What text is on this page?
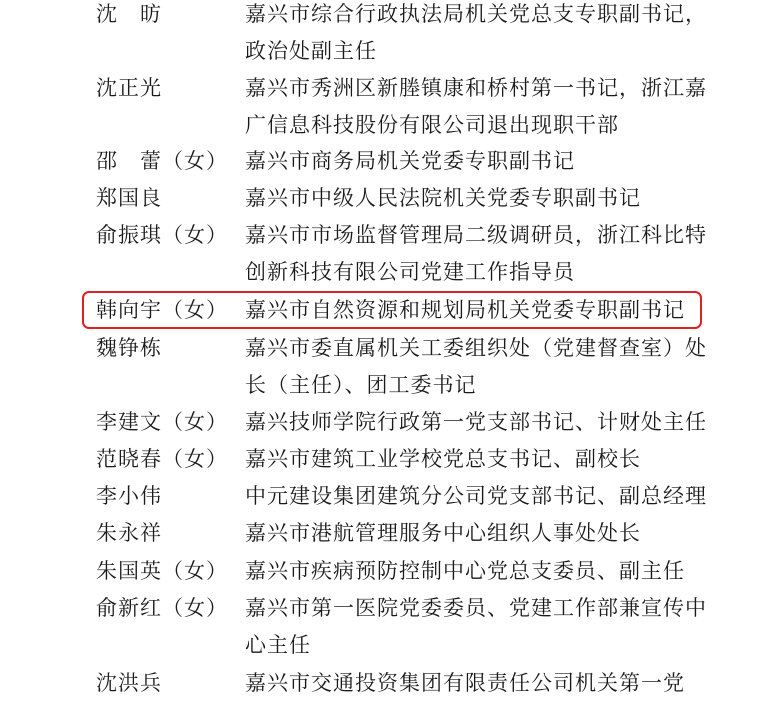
沈　昉	嘉兴市综合行政执法局机关党总支专职副书记，
政治处副主任
沈正光	嘉兴市秀洲区新塍镇康和桥村第一书记，浙江嘉
广信息科技股份有限公司退出现职干部
邵　蕾（女） 嘉兴市商务局机关党委专职副书记
郑国良	嘉兴市中级人民法院机关党委专职副书记
俞振琪（女） 嘉兴市市场监督管理局二级调研员，浙江科比特
创新科技有限公司党建工作指导员
韩向宇（女） 嘉兴市自然资源和规划局机关党委专职副书记
魏铮栋	嘉兴市委直属机关工委组织处（党建督查室）处
长（主任）、团工委书记
李建文（女） 嘉兴技师学院行政第一党支部书记、计财处主任
范晓春（女） 嘉兴市建筑工业学校党总支书记、副校长
李小伟	中元建设集团建筑分公司党支部书记、副总经理
朱永祥	嘉兴市港航管理服务中心组织人事处处长
朱国英（女） 嘉兴市疾病预防控制中心党总支委员、副主任
俞新红（女） 嘉兴市第一医院党委委员、党建工作部兼宣传中
心主任
沈洪兵	嘉兴市交通投资集团有限责任公司机关第一党
